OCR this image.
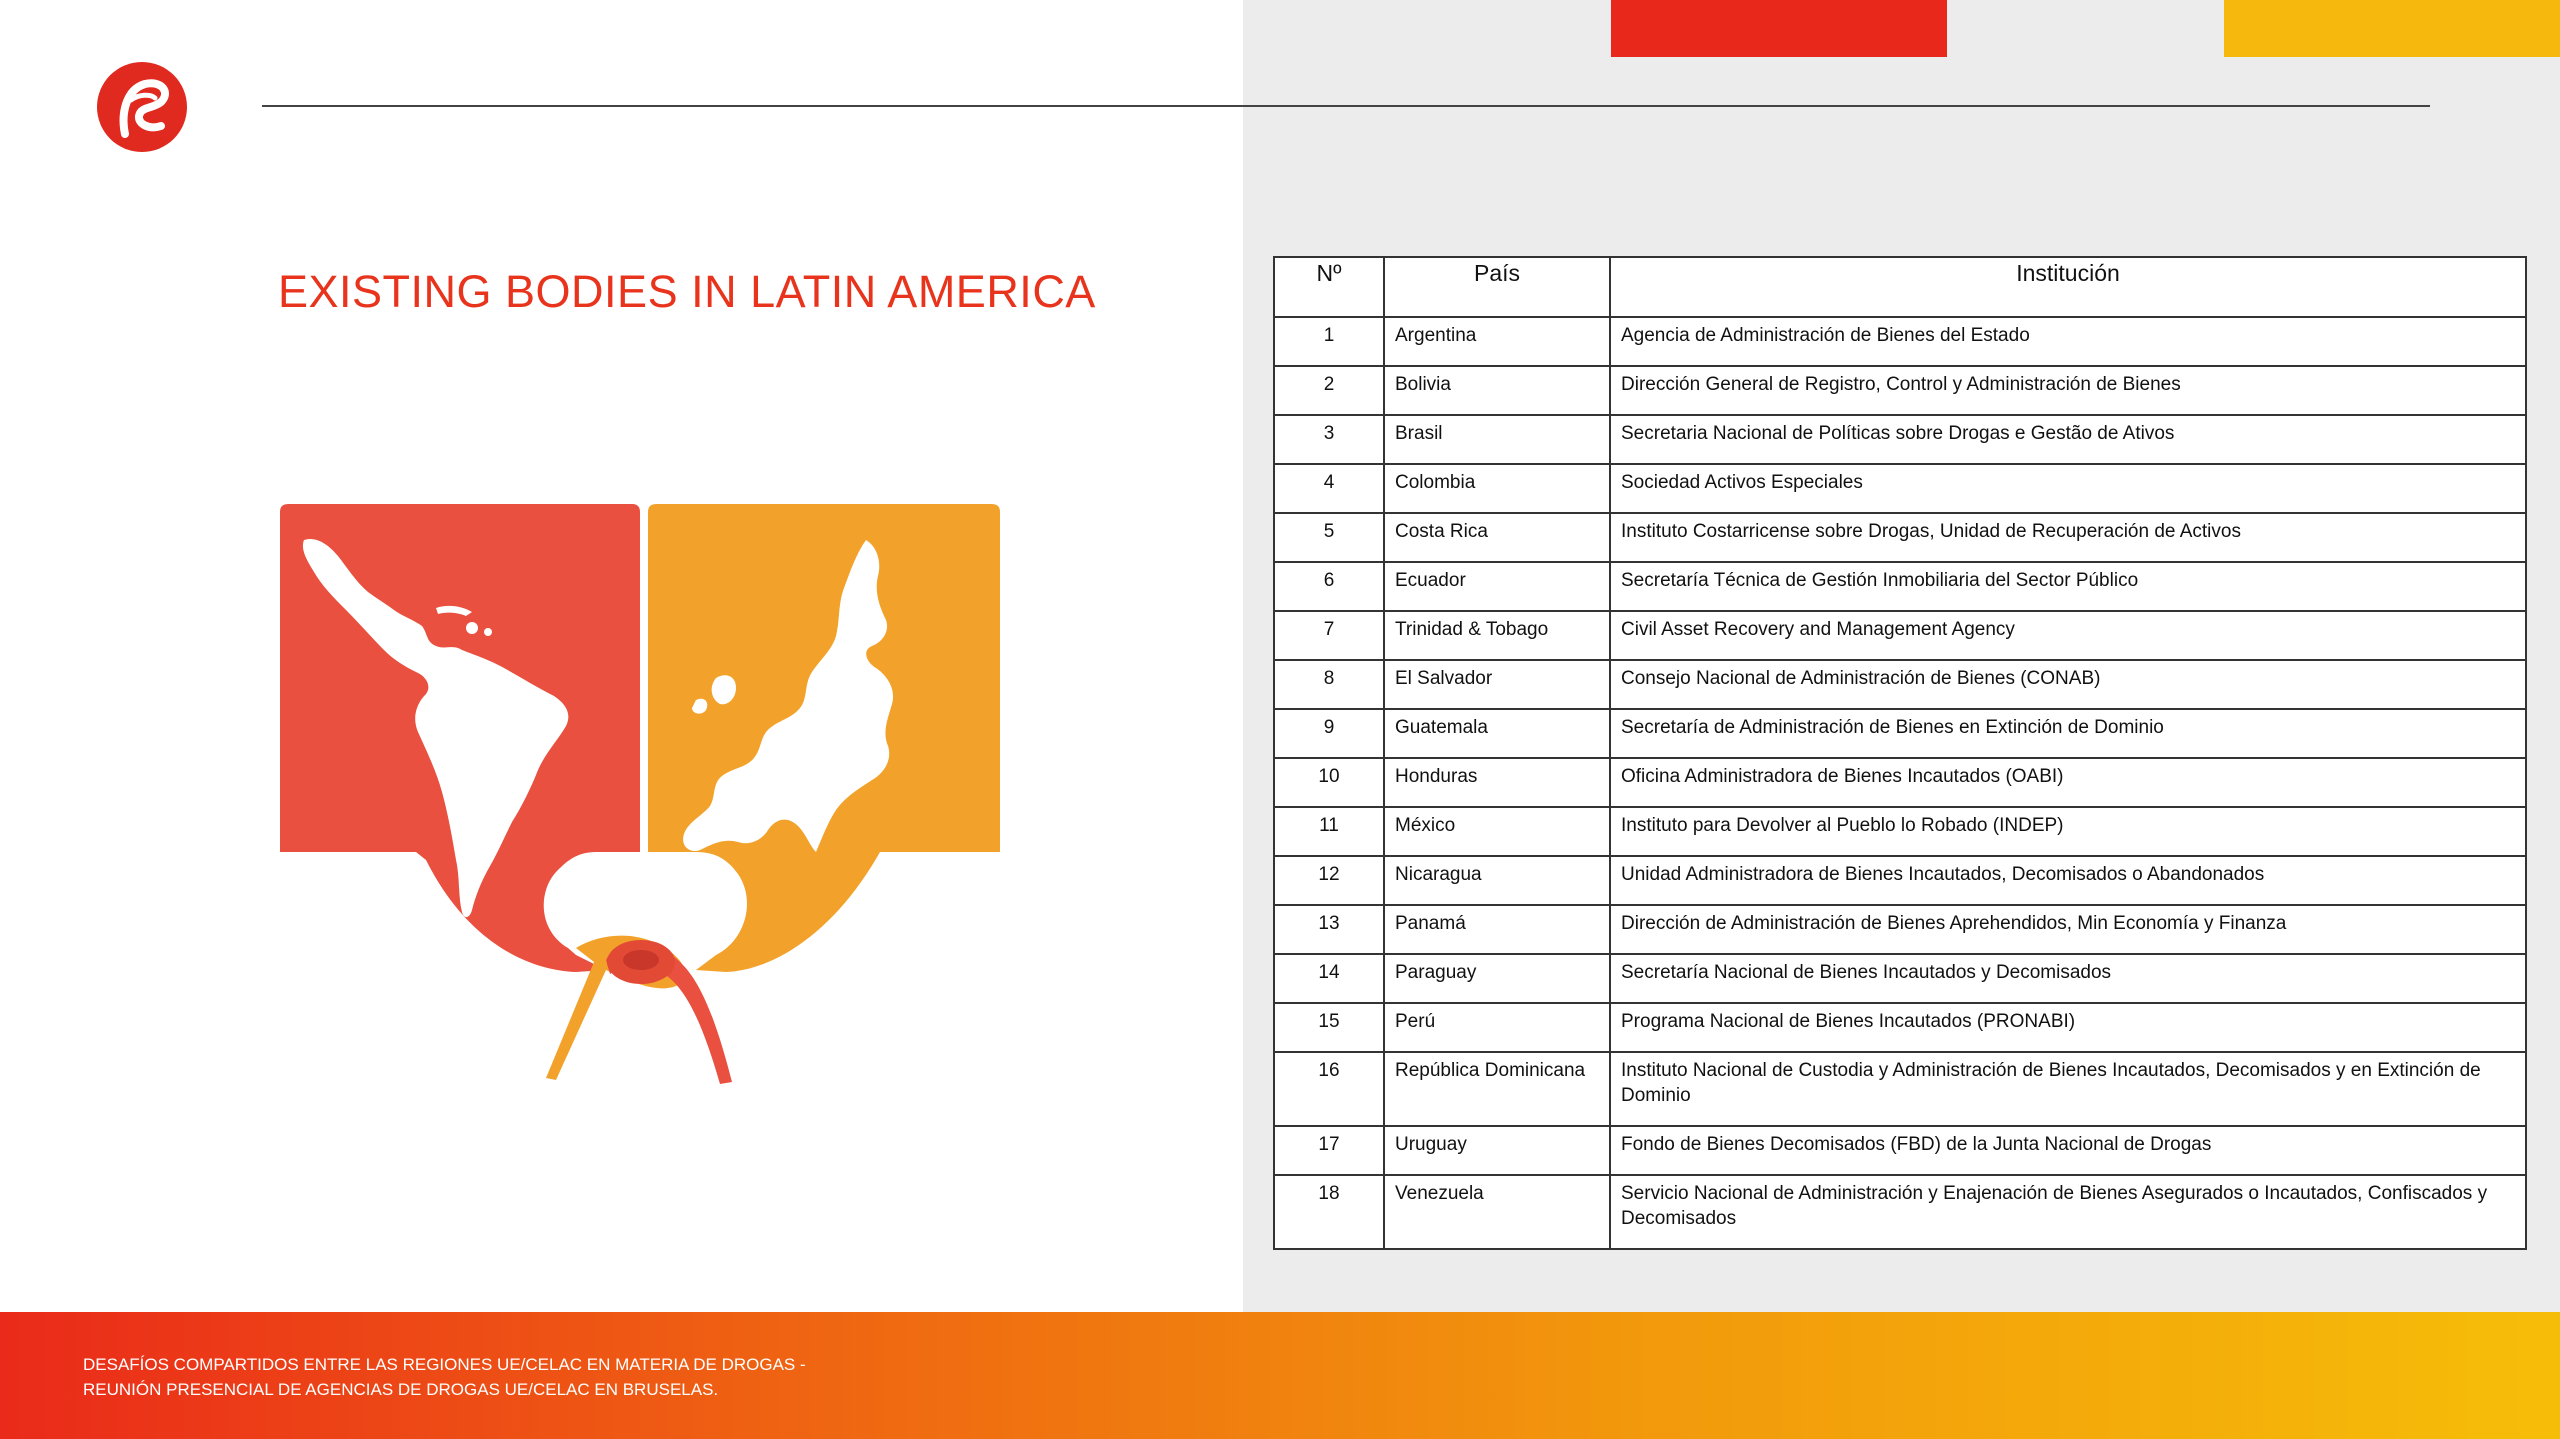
EXISTING BODIES IN LATIN AMERICA	Nº	País	Institución
1	Argentina	Agencia de Administración de Bienes del Estado
2	Bolivia	Dirección General de Registro, Control y Administración de Bienes
3	Brasil	Secretaria Nacional de Políticas sobre Drogas e Gestão de Ativos
4	Colombia	Sociedad Activos Especiales
5	Costa Rica	Instituto Costarricense sobre Drogas, Unidad de Recuperación de Activos
6	Ecuador	Secretaría Técnica de Gestión Inmobiliaria del Sector Público
7	Trinidad & Tobago	Civil Asset Recovery and Management Agency
8	El Salvador	Consejo Nacional de Administración de Bienes (CONAB)
9	Guatemala	Secretaría de Administración de Bienes en Extinción de Dominio
10	Honduras	Oficina Administradora de Bienes Incautados (OABI)
11	México	Instituto para Devolver al Pueblo lo Robado (INDEP)
12	Nicaragua	Unidad Administradora de Bienes Incautados, Decomisados o Abandonados
13	Panamá	Dirección de Administración de Bienes Aprehendidos, Min Economía y Finanza
14	Paraguay	Secretaría Nacional de Bienes Incautados y Decomisados
15	Perú	Programa Nacional de Bienes Incautados (PRONABI)
16	República Dominicana	Instituto Nacional de Custodia y Administración de Bienes Incautados, Decomisados y en Extinción de Dominio
17	Uruguay	Fondo de Bienes Decomisados (FBD) de la Junta Nacional de Drogas
18	Venezuela	Servicio Nacional de Administración y Enajenación de Bienes Asegurados o Incautados, Confiscados y Decomisados
DESAFÍOS COMPARTIDOS ENTRE LAS REGIONES UE/CELAC EN MATERIA DE DROGAS -
REUNIÓN PRESENCIAL DE AGENCIAS DE DROGAS UE/CELAC EN BRUSELAS.
